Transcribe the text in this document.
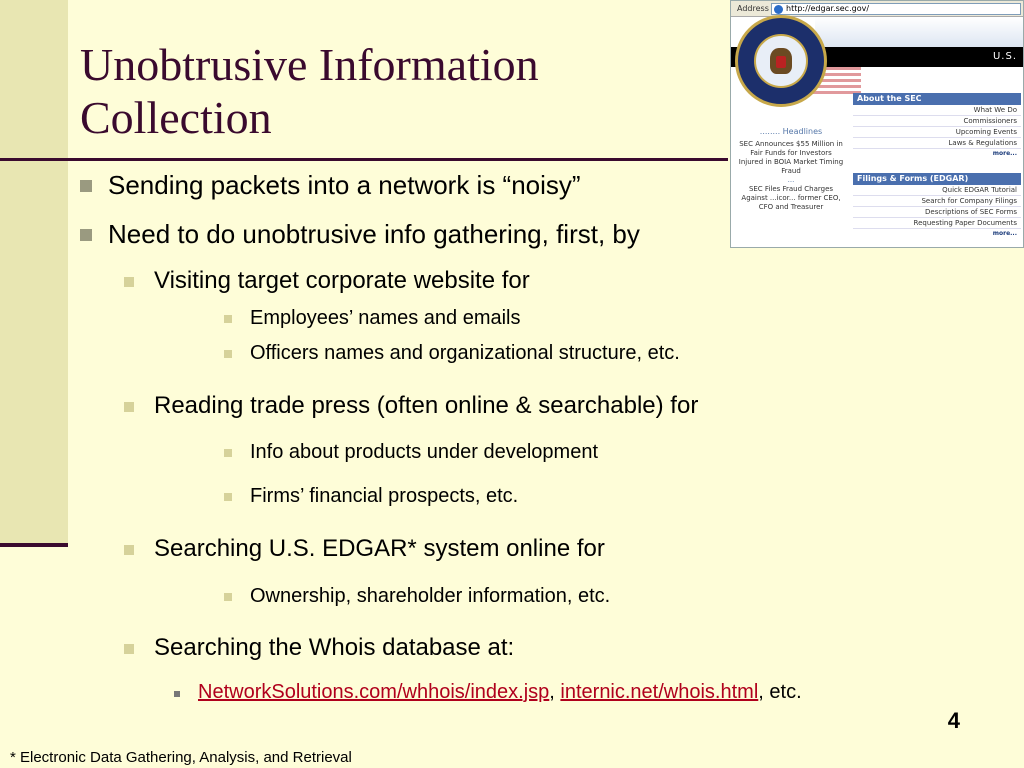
Unobtrusive Information
Collection
Address	http://edgar.sec.gov/
U.S.
........ Headlines
SEC Announces $55 Million in Fair Funds for Investors Injured in BOIA Market Timing Fraud
...
SEC Files Fraud Charges Against ...icor... former CEO, CFO and Treasurer
About the SEC
What We Do
Commissioners
Upcoming Events
Laws & Regulations
more...
Filings & Forms (EDGAR)
Quick EDGAR Tutorial
Search for Company Filings
Descriptions of SEC Forms
Requesting Paper Documents
more...
Sending packets into a network is “noisy”
Need to do unobtrusive info gathering, first, by
Visiting target corporate website for
Employees’ names and emails
Officers names and organizational structure, etc.
Reading trade press (often online & searchable) for
Info about products under development
Firms’ financial prospects, etc.
Searching U.S. EDGAR* system online for
Ownership, shareholder information, etc.
Searching the Whois database at:
NetworkSolutions.com/whhois/index.jsp, internic.net/whois.html, etc.
4
* Electronic Data Gathering, Analysis, and Retrieval
